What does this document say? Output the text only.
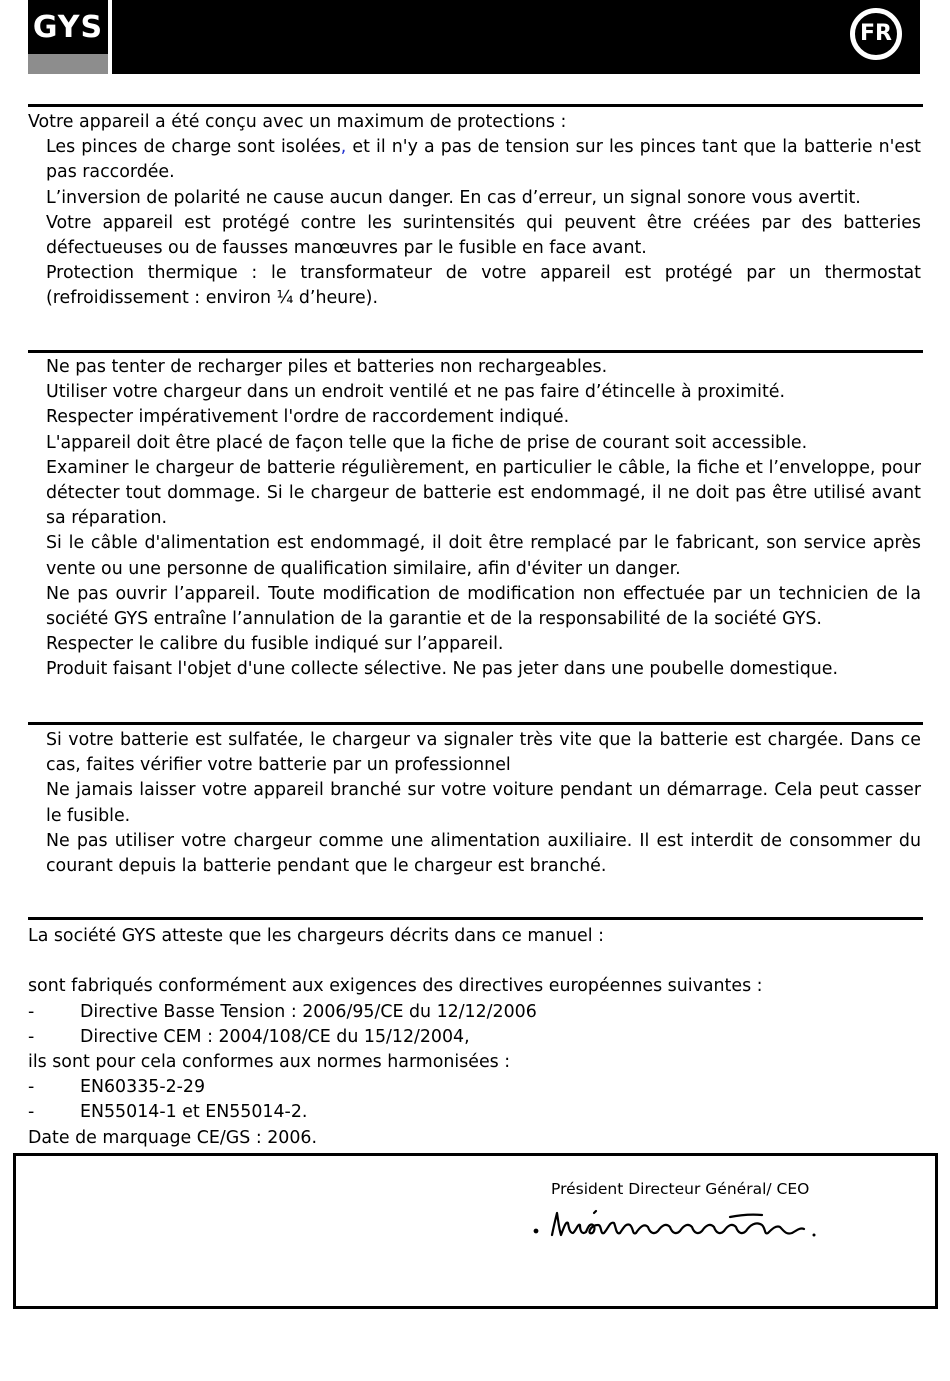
GYS	FR

Votre appareil a été conçu avec un maximum de protections :

Les pinces de charge sont isolées, et il n'y a pas de tension sur les pinces tant que la batterie n'est pas raccordée.

L’inversion de polarité ne cause aucun danger. En cas d’erreur, un signal sonore vous avertit.

Votre appareil est protégé contre les surintensités qui peuvent être créées par des batteries défectueuses ou de fausses manœuvres par le fusible en face avant.

Protection thermique : le transformateur de votre appareil est protégé par un thermostat (refroidissement : environ ¼ d’heure).

Ne pas tenter de recharger piles et batteries non rechargeables.

Utiliser votre chargeur dans un endroit ventilé et ne pas faire d’étincelle à proximité.

Respecter impérativement l'ordre de raccordement indiqué.

L'appareil doit être placé de façon telle que la fiche de prise de courant soit accessible.

Examiner le chargeur de batterie régulièrement, en particulier le câble, la fiche et l’enveloppe, pour détecter tout dommage. Si le chargeur de batterie est endommagé, il ne doit pas être utilisé avant sa réparation.

Si le câble d'alimentation est endommagé, il doit être remplacé par le fabricant, son service après vente ou une personne de qualification similaire, afin d'éviter un danger.

Ne pas ouvrir l’appareil. Toute modification de modification non effectuée par un technicien de la société GYS entraîne l’annulation de la garantie et de la responsabilité de la société GYS.

Respecter le calibre du fusible indiqué sur l’appareil.

Produit faisant l'objet d'une collecte sélective. Ne pas jeter dans une poubelle domestique.

Si votre batterie est sulfatée, le chargeur va signaler très vite que la batterie est chargée. Dans ce cas, faites vérifier votre batterie par un professionnel

Ne jamais laisser votre appareil branché sur votre voiture pendant un démarrage. Cela peut casser le fusible.

Ne pas utiliser votre chargeur comme une alimentation auxiliaire. Il est interdit de consommer du courant depuis la batterie pendant que le chargeur est branché.

La société GYS atteste que les chargeurs décrits dans ce manuel :

sont fabriqués conformément aux exigences des directives européennes suivantes :

-	Directive Basse Tension : 2006/95/CE du 12/12/2006

-	Directive CEM : 2004/108/CE du 15/12/2004,

ils sont pour cela conformes aux normes harmonisées :

-	EN60335-2-29

-	EN55014-1 et EN55014-2.

Date de marquage CE/GS : 2006.

Président Directeur Général/ CEO
